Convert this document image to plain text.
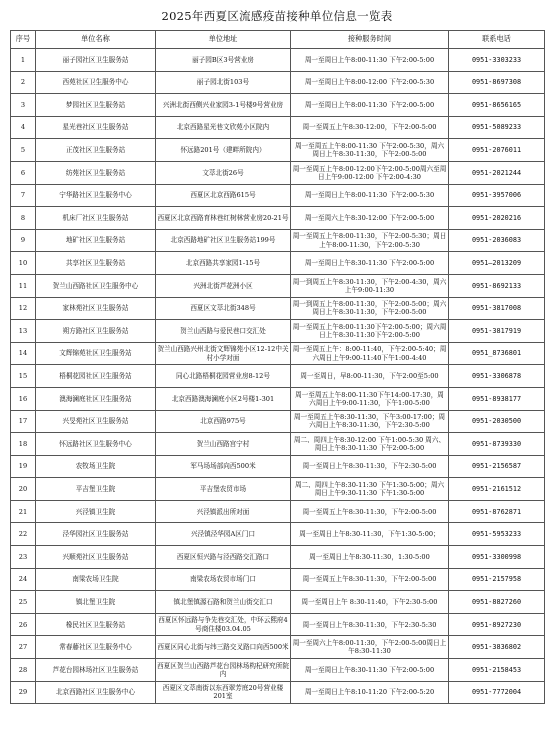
2025年西夏区流感疫苗接种单位信息一览表
序号	单位名称	单位地址	接种服务时间	联系电话
1	丽子园社区卫生服务站	丽子园B区3号营业房	周一至周日上午8:00-11:30 下午2:00-5:00	0951-3303233
2	西苑社区卫生服务中心	丽子园北街103号	周一至周日上午8:00-12:00 下午2:00-5:30	0951-8697308
3	梦园社区卫生服务站	兴洲北街西侧兴业家园3-1号楼9号营业房	周一至周日上午8:00-11:30 下午2:00-5:00	0951-8656165
4	星光巷社区卫生服务站	北京西路星光巷文欣苑小区院内	周一至周五上午8:30-12:00，下午2:00-5:00	0951-5089233
5	正茂社区卫生服务站	怀远路201号（建畔所院内）	周一至周五上午8:00-11:30 下午2:00-5:30，周六周日上午8:30-11:30，下午2:00-5:00	0951-2076011
6	纺苑社区卫生服务站	文萃北街26号	周一至周五上午8:00-12:00下午2:00-5:00周六至周日上午9:00-12:00 下午2:00-4:30	0951-2021244
7	宁华路社区卫生服务中心	西夏区北京西路615号	周一至周日上午8:00-11:30 下午2:00-5:30	0951-3957006
8	机床厂社区卫生服务站	西夏区北京西路育林巷红树林营业房20-21号	周一至周六上午8:30-12:00 下午2:00-5:00	0951-2020216
9	地矿社区卫生服务站	北京西路地矿社区卫生服务站199号	周一至周五上午8:00-11:30，下午2:00-5:30；周日上午8:00-11:30，下午2:00-5:30	0951-2036083
10	共享社区卫生服务站	北京西路共享家园1-15号	周一至周日上午8:30-11:30 下午2:00-5:00	0951—2013209
11	贺兰山西路社区卫生服务中心	兴洲北街芦花洲小区	周一到周五上午8:30-11:30，下午2:00-4:30，周六上午9:00-11:30	0951-8692133
12	家林苑社区卫生服务站	西夏区文萃北街348号	周一到周五上午8:00-11:30，下午2:00-5:00；周六周日上午8:30-11:30，下午2:00-5:00	0951-3817008
13	朔方路社区卫生服务站	贺兰山西路与爱民巷口交汇处	周一至周五上午8:00-11:30下午2:00-5:00；周六周日上午8:30-11:30下午2:00-5:00	0951-3817919
14	文辉锦苑社区卫生服务站	贺兰山西路兴州北街文辉锦苑小区12-12中关村小学对面	周一至周五上午：8:00-11:40，下午2:00-5:40；周六周日上午9:00-11:40下午1:00-4:40	0951_8736801
15	梧桐花园社区卫生服务站	同心北路梧桐花园营业房8-12号	周一至周日，早8:00-11:30，下午2:00至5:00	0951-3306878
16	澳海澜庭社区卫生服务站	北京西路澳海澜庭小区2号楼1-301	周一至周五上午8:00-11:30下午14:00-17:30，周六周日上午9:00-11:30，下午1:00-5:00	0951-8938177
17	兴旻苑社区卫生服务站	北京西路975号	周一至周五上午8:30-11:30，下午3:00-17:00；周六周日上午8:30-11:30，下午2:30-5:00	0951-2030500
18	怀远路社区卫生服务中心	贺兰山西路宫宁村	周二、周四上午8:30-12:00 下午1:00-5:30 周六、周日上午8:30-11:30 下午2:00-5:00	0951-8739330
19	农牧场卫生院	军马场场部向西500米	周一至周日上午8:30-11:30，下午2:30-5:00	0951-2156587
20	平吉堡卫生院	平吉堡农贸市场	周二、周四上午8:30-11:30 下午1:30-5:00；周六周日上午9:30-11:30 下午1:30-5:00	0951-2161512
21	兴泾镇卫生院	兴泾镇派出所对面	周一至周五上午8:30-11:30，下午2:00-5:00	0951-8762871
22	泾华园社区卫生服务站	兴泾镇泾华园A区门口	周一至周日上午8:30-11:30，下午1:30-5:00；	0951-5953233
23	兴顺苑社区卫生服务站	西夏区恒兴路与泾西路交汇路口	周一至周日上午8:30-11:30，1:30-5:00	0951-3300998
24	南梁农场卫生院	南梁农场农贸市场门口	周一至周五上午8:30-11:30，下午2:00-5:00	0951-2157958
25	镇北堡卫生院	镇北堡镇源石路和贺兰山街交汇口	周一至周日上午 8:30-11:40，下午2:30-5:00	0951-8827260
26	橡民社区卫生服务站	西夏区怀远路与争先巷交汇处，中环云熙府4号商住楼03.04.05	周一至周日上午8:30-11:30，下午2:30-5:30	0951-8927230
27	常春藤社区卫生服务中心	西夏区同心北街与纬三路交叉路口向西500米	周一至周六上午8:00-11:30，下午2:00-5:00周日上午8:30-11:30	0951-3836802
28	芦花台园林场社区卫生服务站	西夏区贺兰山西路芦花台园林场构杞研究所院内	周一至周日上午8:30-11:30 下午2:00-5:00	0951-2158453
29	北京西路社区卫生服务中心	西夏区文萃南街以东西翠芳庭20号营业楼201室	周一至周日上午8:10-11:20 下午2:00-5:20	0951-7772004
